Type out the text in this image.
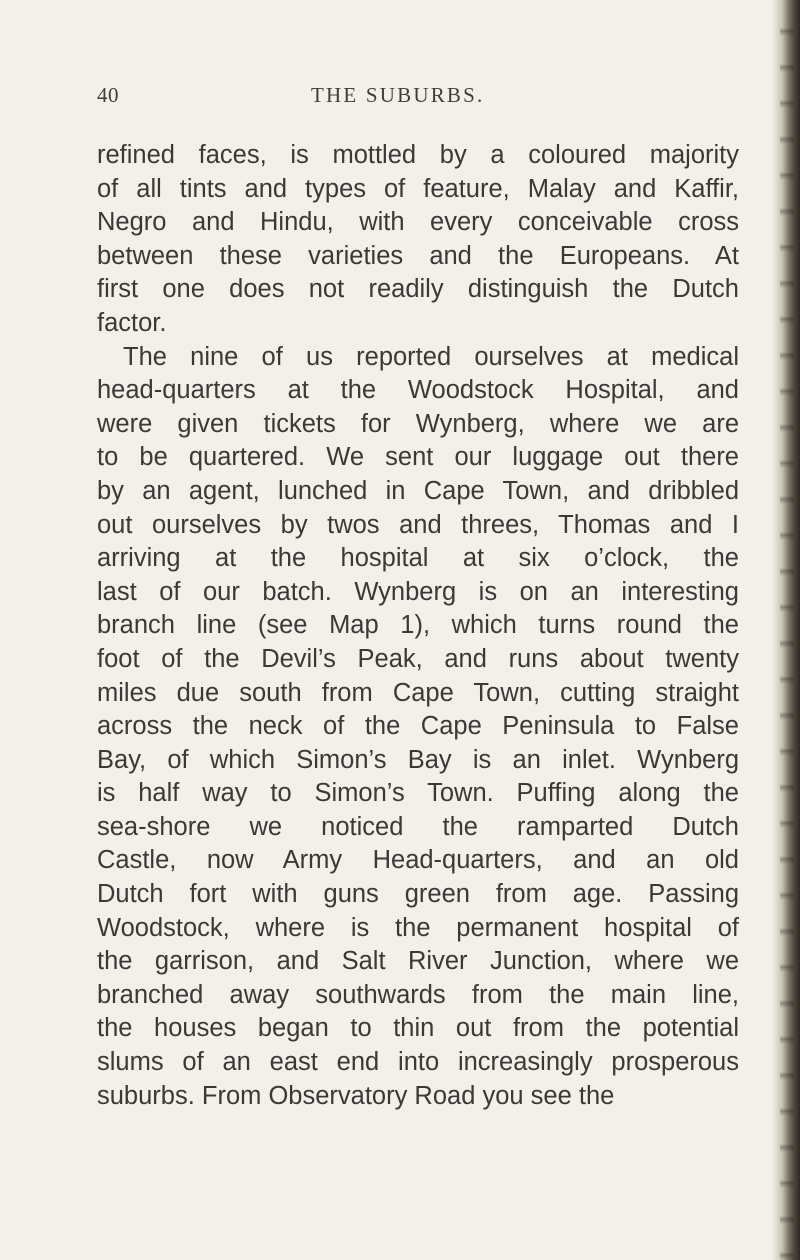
40	THE SUBURBS.
refined faces, is mottled by a coloured majority
of all tints and types of feature, Malay and Kaffir,
Negro and Hindu, with every conceivable cross
between these varieties and the Europeans. At
first one does not readily distinguish the Dutch
factor.
The nine of us reported ourselves at medical
head-quarters at the Woodstock Hospital, and
were given tickets for Wynberg, where we are
to be quartered. We sent our luggage out there
by an agent, lunched in Cape Town, and dribbled
out ourselves by twos and threes, Thomas and I
arriving at the hospital at six o’clock, the
last of our batch. Wynberg is on an interesting
branch line (see Map 1), which turns round the
foot of the Devil’s Peak, and runs about twenty
miles due south from Cape Town, cutting straight
across the neck of the Cape Peninsula to False
Bay, of which Simon’s Bay is an inlet. Wynberg
is half way to Simon’s Town. Puffing along the
sea-shore we noticed the ramparted Dutch
Castle, now Army Head-quarters, and an old
Dutch fort with guns green from age. Passing
Woodstock, where is the permanent hospital of
the garrison, and Salt River Junction, where we
branched away southwards from the main line,
the houses began to thin out from the potential
slums of an east end into increasingly prosperous
suburbs. From Observatory Road you see the
